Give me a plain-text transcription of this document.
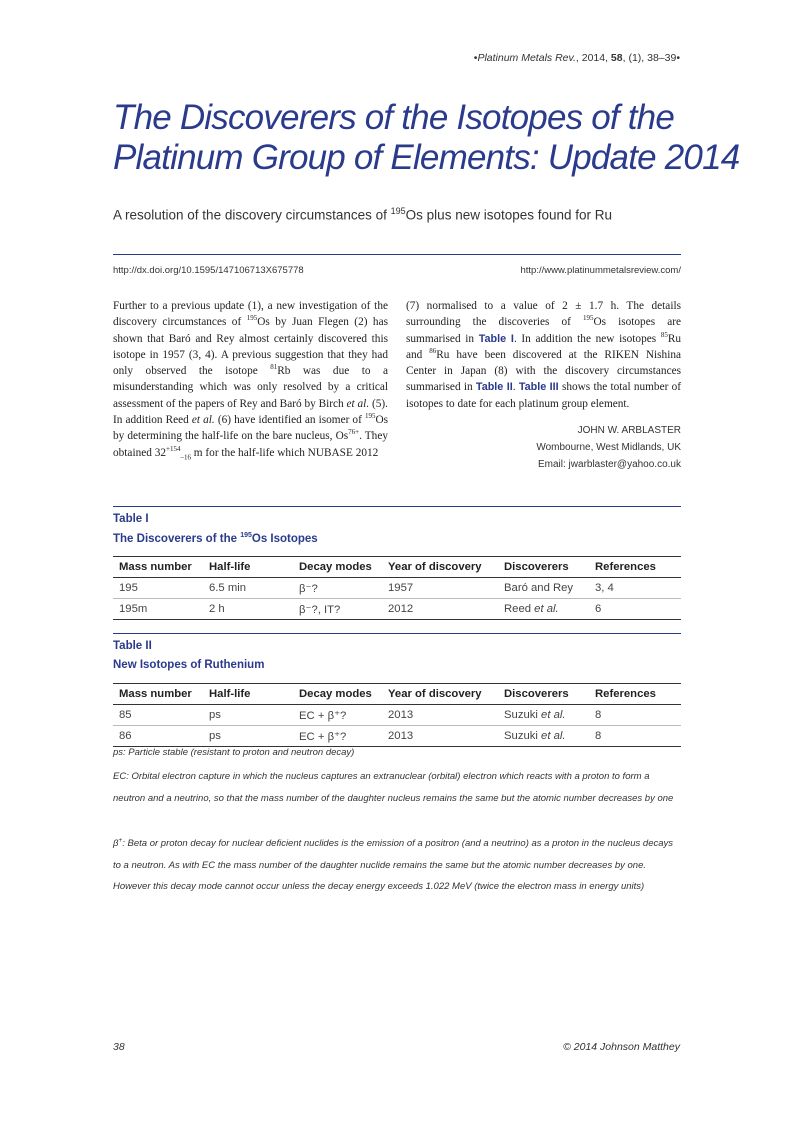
•Platinum Metals Rev., 2014, 58, (1), 38–39•
The Discoverers of the Isotopes of the
Platinum Group of Elements: Update 2014
A resolution of the discovery circumstances of $^{195}$Os plus new isotopes found for Ru
http://dx.doi.org/10.1595/147106713X675778	http://www.platinummetalsreview.com/
Further to a previous update (1), a new investigation of the discovery circumstances of $^{195}$Os by Juan Flegen (2) has shown that Baró and Rey almost certainly discovered this isotope in 1957 (3, 4). A previous suggestion that they had only observed the isotope $^{81}$Rb was due to a misunderstanding which was only resolved by a critical assessment of the papers of Rey and Baró by Birch et al. (5). In addition Reed et al. (6) have identified an isomer of $^{195}$Os by determining the half-life on the bare nucleus, $Os^{76+}$. They obtained $32^{+154}_{-16}$ m for the half-life which NUBASE 2012
(7) normalised to a value of 2 ± 1.7 h. The details surrounding the discoveries of $^{195}$Os isotopes are summarised in Table I. In addition the new isotopes $^{85}$Ru and $^{86}$Ru have been discovered at the RIKEN Nishina Center in Japan (8) with the discovery circumstances summarised in Table II. Table III shows the total number of isotopes to date for each platinum group element.
JOHN W. ARBLASTER
Wombourne, West Midlands, UK
Email: jwarblaster@yahoo.co.uk
Table I
The Discoverers of the $^{195}$Os Isotopes
Mass number	Half-life	Decay modes	Year of discovery	Discoverers	References
195	6.5 min	β⁻?	1957	Baró and Rey	3, 4
195m	2 h	β⁻?, IT?	2012	Reed et al.	6
Table II
New Isotopes of Ruthenium
Mass number	Half-life	Decay modes	Year of discovery	Discoverers	References
85	ps	EC + β⁺?	2013	Suzuki et al.	8
86	ps	EC + β⁺?	2013	Suzuki et al.	8
ps: Particle stable (resistant to proton and neutron decay)
EC: Orbital electron capture in which the nucleus captures an extranuclear (orbital) electron which reacts with a proton to form a neutron and a neutrino, so that the mass number of the daughter nucleus remains the same but the atomic number decreases by one
β+: Beta or proton decay for nuclear deficient nuclides is the emission of a positron (and a neutrino) as a proton in the nucleus decays to a neutron. As with EC the mass number of the daughter nuclide remains the same but the atomic number decreases by one. However this decay mode cannot occur unless the decay energy exceeds 1.022 MeV (twice the electron mass in energy units)
38	© 2014 Johnson Matthey
